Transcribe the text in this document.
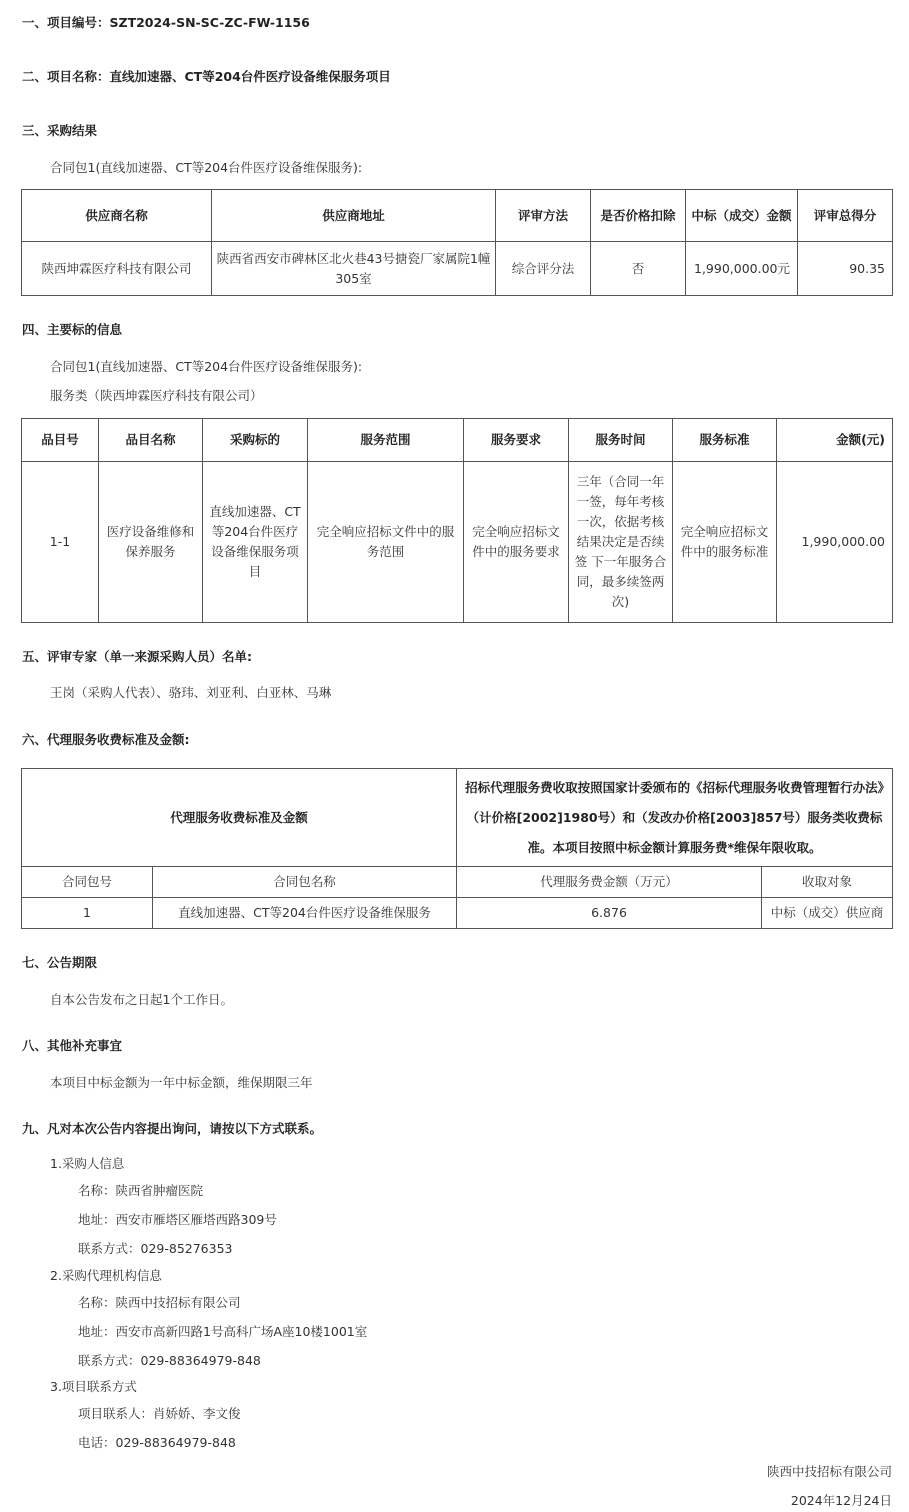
一、项目编号：SZT2024-SN-SC-ZC-FW-1156
二、项目名称：直线加速器、CT等204台件医疗设备维保服务项目
三、采购结果
合同包1(直线加速器、CT等204台件医疗设备维保服务):
供应商名称	供应商地址	评审方法	是否价格扣除	中标（成交）金额	评审总得分
陕西坤霖医疗科技有限公司	陕西省西安市碑林区北火巷43号搪瓷厂家属院1幢305室	综合评分法	否	1,990,000.00元	90.35
四、主要标的信息
合同包1(直线加速器、CT等204台件医疗设备维保服务):
服务类（陕西坤霖医疗科技有限公司）
品目号	品目名称	采购标的	服务范围	服务要求	服务时间	服务标准	金额(元)
1-1	医疗设备维修和保养服务	直线加速器、CT等204台件医疗设备维保服务项目	完全响应招标文件中的服务范围	完全响应招标文件中的服务要求	三年（合同一年一签，每年考核一次，依据考核结果决定是否续签 下一年服务合同，最多续签两次)	完全响应招标文件中的服务标准	1,990,000.00
五、评审专家（单一来源采购人员）名单:
王岗（采购人代表）、骆玮、刘亚利、白亚林、马琳
六、代理服务收费标准及金额:
代理服务收费标准及金额		招标代理服务费收取按照国家计委颁布的《招标代理服务收费管理暂行办法》（计价格[2002]1980号）和（发改办价格[2003]857号）服务类收费标准。本项目按照中标金额计算服务费*维保年限收取。	
合同包号	合同包名称	代理服务费金额（万元）	收取对象
1	直线加速器、CT等204台件医疗设备维保服务	6.876	中标（成交）供应商
七、公告期限
自本公告发布之日起1个工作日。
八、其他补充事宜
本项目中标金额为一年中标金额，维保期限三年
九、凡对本次公告内容提出询问，请按以下方式联系。
1.采购人信息
名称：陕西省肿瘤医院
地址：西安市雁塔区雁塔西路309号
联系方式：029-85276353
2.采购代理机构信息
名称：陕西中技招标有限公司
地址：西安市高新四路1号高科广场A座10楼1001室
联系方式：029-88364979-848
3.项目联系方式
项目联系人：肖娇娇、李文俊
电话：029-88364979-848
陕西中技招标有限公司
2024年12月24日
